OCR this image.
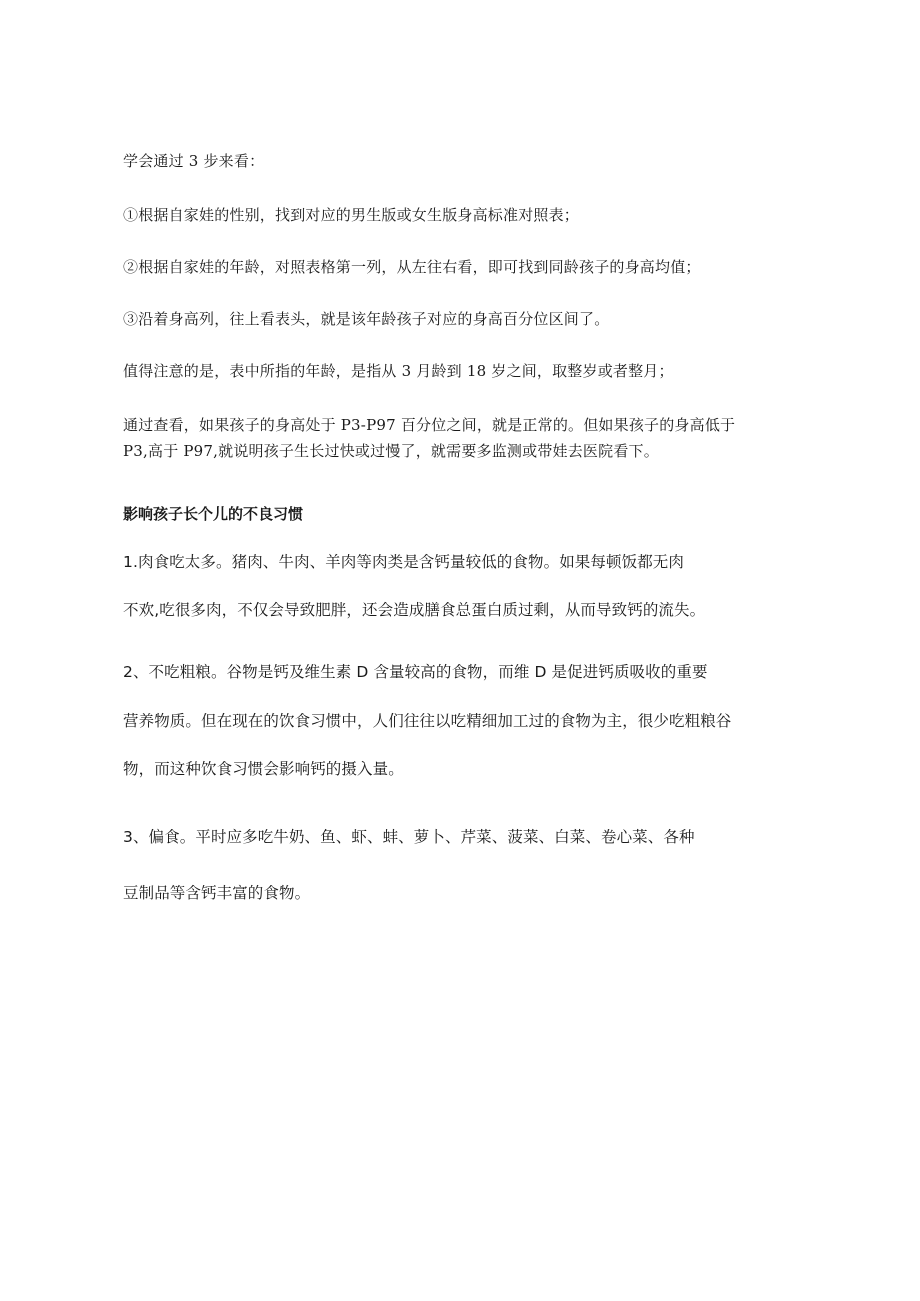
学会通过 3 步来看：

①根据自家娃的性别，找到对应的男生版或女生版身高标准对照表；

②根据自家娃的年龄，对照表格第一列，从左往右看，即可找到同龄孩子的身高均值；

③沿着身高列，往上看表头，就是该年龄孩子对应的身高百分位区间了。

值得注意的是，表中所指的年龄，是指从 3 月龄到 18 岁之间，取整岁或者整月；

通过查看，如果孩子的身高处于 P3-P97 百分位之间，就是正常的。但如果孩子的身高低于

P3,高于 P97,就说明孩子生长过快或过慢了，就需要多监测或带娃去医院看下。

影响孩子长个儿的不良习惯

1.肉食吃太多。猪肉、牛肉、羊肉等肉类是含钙量较低的食物。如果每顿饭都无肉

不欢,吃很多肉，不仅会导致肥胖，还会造成膳食总蛋白质过剩，从而导致钙的流失。

2、不吃粗粮。谷物是钙及维生素 D 含量较高的食物，而维 D 是促进钙质吸收的重要

营养物质。但在现在的饮食习惯中，人们往往以吃精细加工过的食物为主，很少吃粗粮谷

物，而这种饮食习惯会影响钙的摄入量。

3、偏食。平时应多吃牛奶、鱼、虾、蚌、萝卜、芹菜、菠菜、白菜、卷心菜、各种

豆制品等含钙丰富的食物。
